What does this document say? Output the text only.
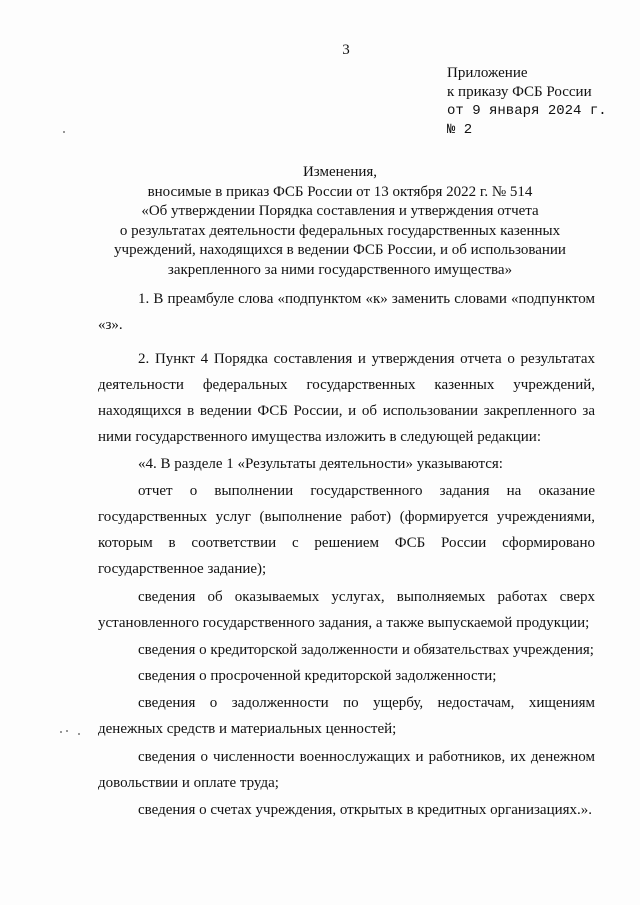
3
Приложение
к приказу ФСБ России
от 9 января 2024 г.
№ 2
Изменения,
вносимые в приказ ФСБ России от 13 октября 2022 г. № 514
«Об утверждении Порядка составления и утверждения отчета
о результатах деятельности федеральных государственных казенных
учреждений, находящихся в ведении ФСБ России, и об использовании
закрепленного за ними государственного имущества»

1. В преамбуле слова «подпунктом «к» заменить словами «подпунктом «з».

2. Пункт 4 Порядка составления и утверждения отчета о результатах деятельности федеральных государственных казенных учреждений, находящихся в ведении ФСБ России, и об использовании закрепленного за ними государственного имущества изложить в следующей редакции:

«4. В разделе 1 «Результаты деятельности» указываются:

отчет о выполнении государственного задания на оказание государственных услуг (выполнение работ) (формируется учреждениями, которым в соответствии с решением ФСБ России сформировано государственное задание);

сведения об оказываемых услугах, выполняемых работах сверх установленного государственного задания, а также выпускаемой продукции;

сведения о кредиторской задолженности и обязательствах учреждения;

сведения о просроченной кредиторской задолженности;

сведения о задолженности по ущербу, недостачам, хищениям денежных средств и материальных ценностей;

сведения о численности военнослужащих и работников, их денежном довольствии и оплате труда;

сведения о счетах учреждения, открытых в кредитных организациях.».
